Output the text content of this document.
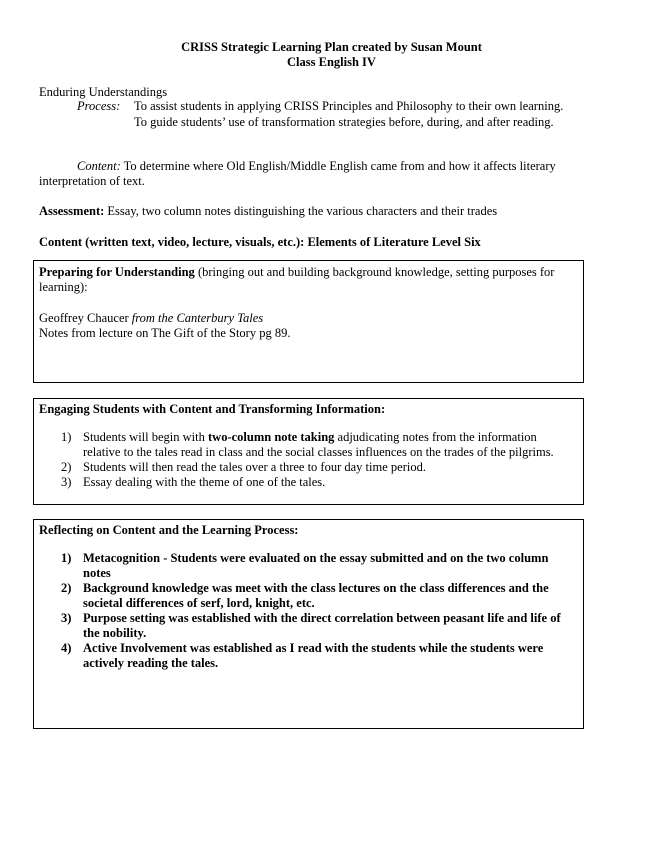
CRISS Strategic Learning Plan created by Susan Mount
Class English IV
Enduring Understandings
Process: To assist students in applying CRISS Principles and Philosophy to their own learning.
To guide students’ use of transformation strategies before, during, and after reading.
Content: To determine where Old English/Middle English came from and how it affects literary
interpretation of text.
Assessment: Essay, two column notes distinguishing the various characters and their trades
Content (written text, video, lecture, visuals, etc.): Elements of Literature Level Six
Preparing for Understanding (bringing out and building background knowledge, setting purposes for
learning):
Geoffrey Chaucer from the Canterbury Tales
Notes from lecture on The Gift of the Story pg 89.
Engaging Students with Content and Transforming Information:
1) Students will begin with two-column note taking adjudicating notes from the information
relative to the tales read in class and the social classes influences on the trades of the pilgrims.
2) Students will then read the tales over a three to four day time period.
3) Essay dealing with the theme of one of the tales.
Reflecting on Content and the Learning Process:
1) Metacognition - Students were evaluated on the essay submitted and on the two column
notes
2) Background knowledge was meet with the class lectures on the class differences and the
societal differences of serf, lord, knight, etc.
3) Purpose setting was established with the direct correlation between peasant life and life of
the nobility.
4) Active Involvement was established as I read with the students while the students were
actively reading the tales.
